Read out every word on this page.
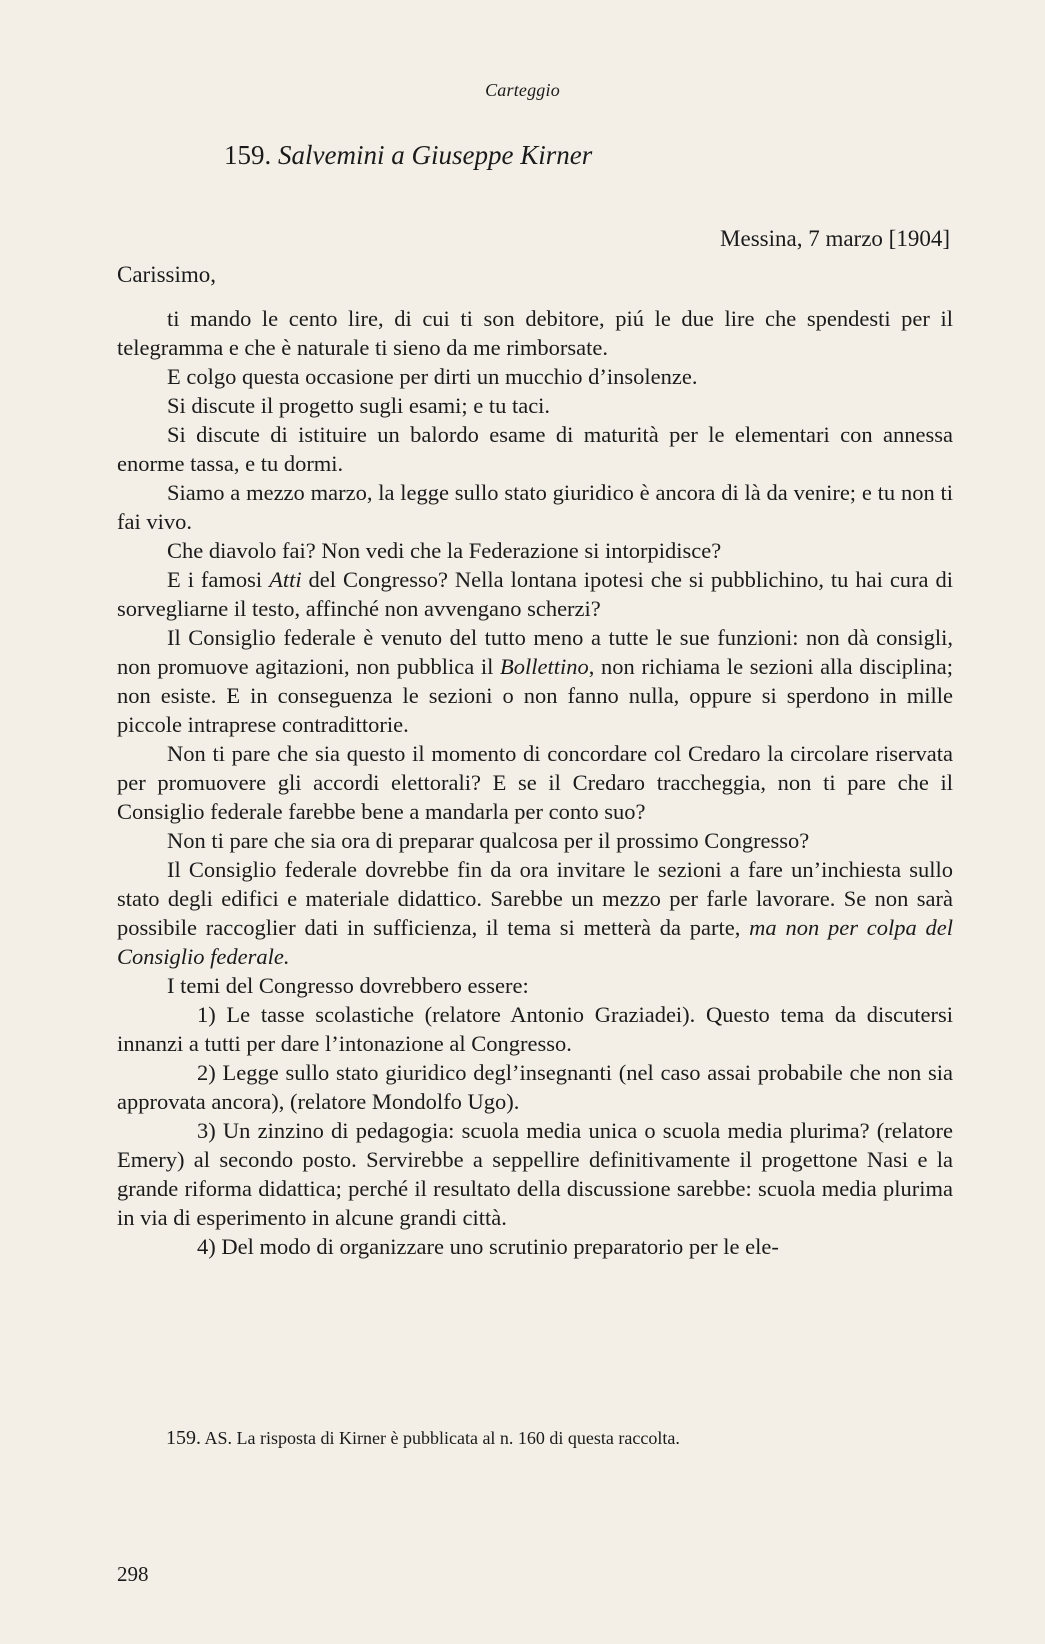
Carteggio
159. Salvemini a Giuseppe Kirner
Messina, 7 marzo [1904]
Carissimo,

ti mando le cento lire, di cui ti son debitore, piú le due lire che spendesti per il telegramma e che è naturale ti sieno da me rimborsate.

E colgo questa occasione per dirti un mucchio d’insolenze.

Si discute il progetto sugli esami; e tu taci.

Si discute di istituire un balordo esame di maturità per le elementari con annessa enorme tassa, e tu dormi.

Siamo a mezzo marzo, la legge sullo stato giuridico è ancora di là da venire; e tu non ti fai vivo.

Che diavolo fai? Non vedi che la Federazione si intorpidisce?

E i famosi Atti del Congresso? Nella lontana ipotesi che si pubblichino, tu hai cura di sorvegliarne il testo, affinché non avvengano scherzi?

Il Consiglio federale è venuto del tutto meno a tutte le sue funzioni: non dà consigli, non promuove agitazioni, non pubblica il Bollettino, non richiama le sezioni alla disciplina; non esiste. E in conseguenza le sezioni o non fanno nulla, oppure si sperdono in mille piccole intraprese contradittorie.

Non ti pare che sia questo il momento di concordare col Credaro la circolare riservata per promuovere gli accordi elettorali? E se il Credaro traccheggia, non ti pare che il Consiglio federale farebbe bene a mandarla per conto suo?

Non ti pare che sia ora di preparar qualcosa per il prossimo Congresso?

Il Consiglio federale dovrebbe fin da ora invitare le sezioni a fare un’inchiesta sullo stato degli edifici e materiale didattico. Sarebbe un mezzo per farle lavorare. Se non sarà possibile raccoglier dati in sufficienza, il tema si metterà da parte, ma non per colpa del Consiglio federale.

I temi del Congresso dovrebbero essere:

1) Le tasse scolastiche (relatore Antonio Graziadei). Questo tema da discutersi innanzi a tutti per dare l’intonazione al Congresso.

2) Legge sullo stato giuridico degl’insegnanti (nel caso assai probabile che non sia approvata ancora), (relatore Mondolfo Ugo).

3) Un zinzino di pedagogia: scuola media unica o scuola media plurima? (relatore Emery) al secondo posto. Servirebbe a seppellire definitivamente il progettone Nasi e la grande riforma didattica; perché il resultato della discussione sarebbe: scuola media plurima in via di esperimento in alcune grandi città.

4) Del modo di organizzare uno scrutinio preparatorio per le ele-

159. AS. La risposta di Kirner è pubblicata al n. 160 di questa raccolta.
298
